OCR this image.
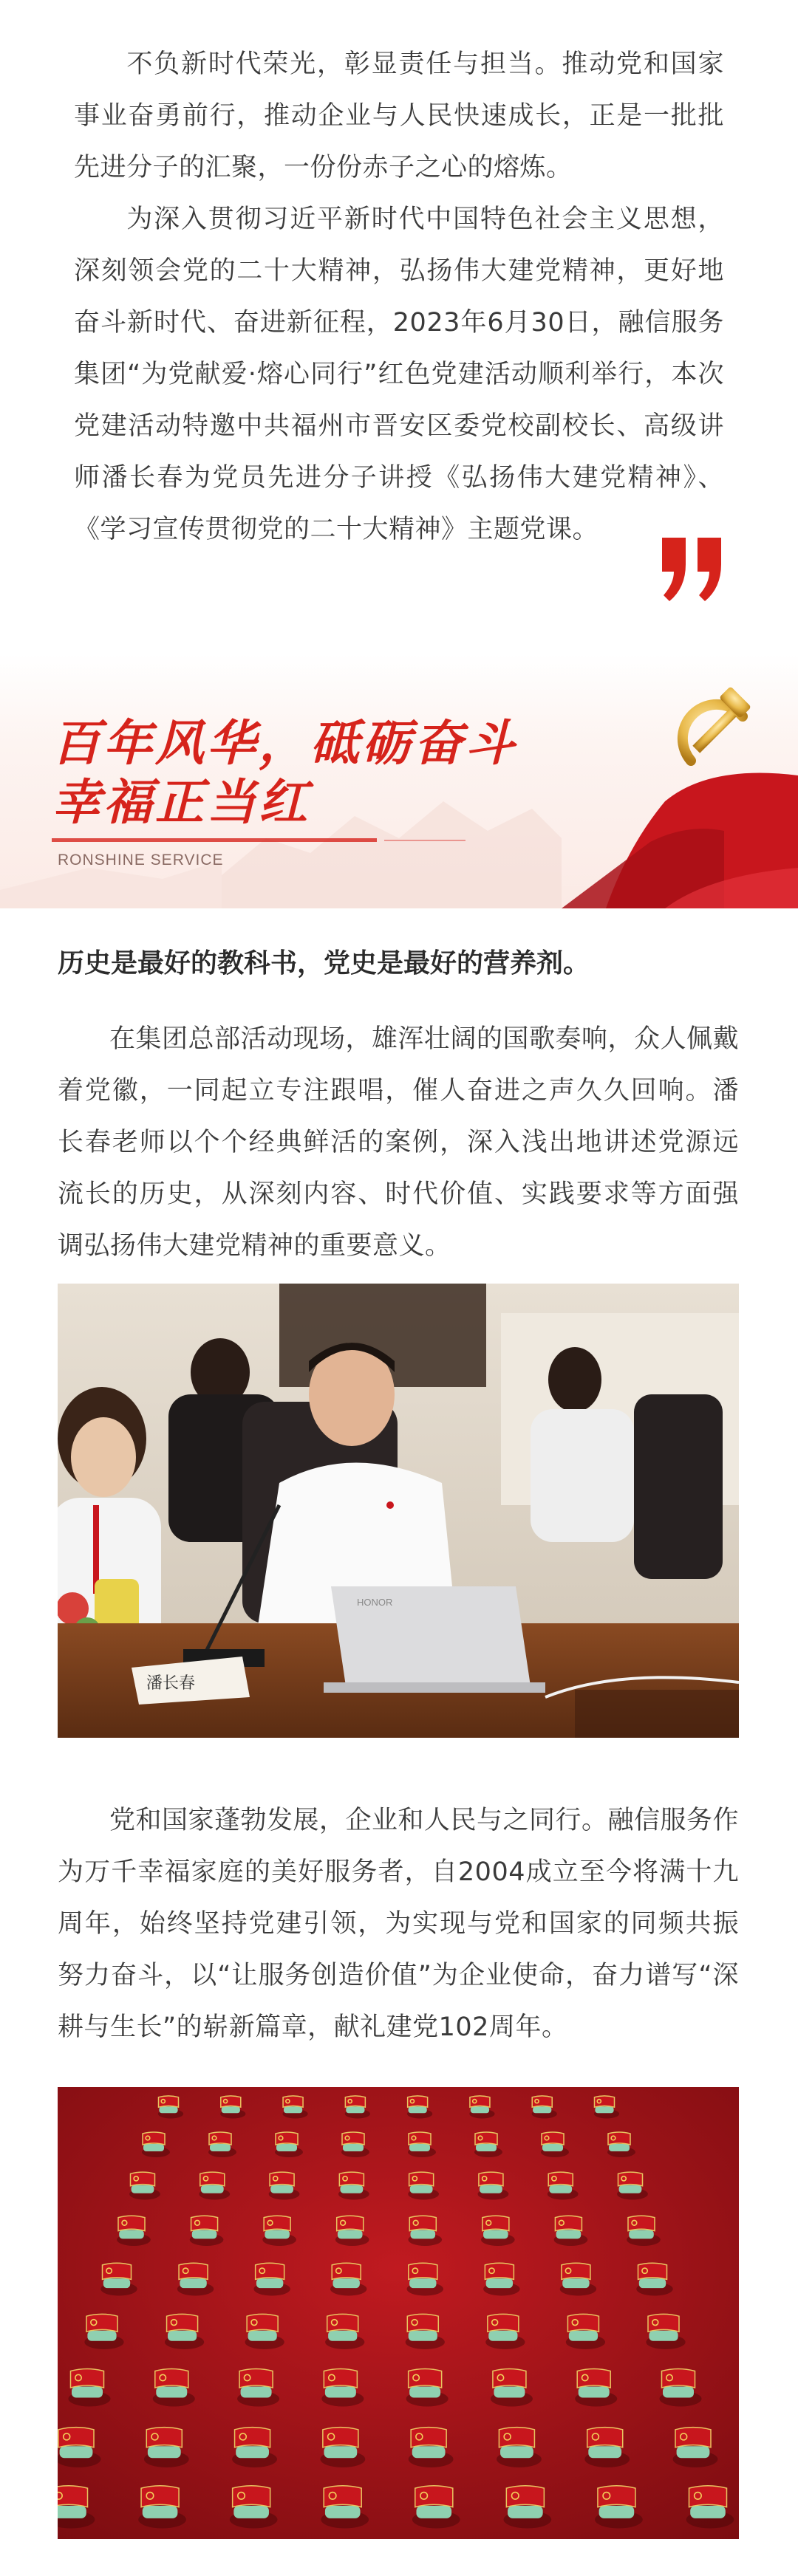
不负新时代荣光，彰显责任与担当。推动党和国家事业奋勇前行，推动企业与人民快速成长，正是一批批先进分子的汇聚，一份份赤子之心的熔炼。

为深入贯彻习近平新时代中国特色社会主义思想，深刻领会党的二十大精神，弘扬伟大建党精神，更好地奋斗新时代、奋进新征程，2023年6月30日，融信服务集团“为党献爱·熔心同行”红色党建活动顺利举行，本次党建活动特邀中共福州市晋安区委党校副校长、高级讲师潘长春为党员先进分子讲授《弘扬伟大建党精神》、《学习宣传贯彻党的二十大精神》主题党课。

百年风华，砥砺奋斗
幸福正当红
RONSHINE SERVICE

历史是最好的教科书，党史是最好的营养剂。

在集团总部活动现场，雄浑壮阔的国歌奏响，众人佩戴着党徽，一同起立专注跟唱，催人奋进之声久久回响。潘长春老师以个个经典鲜活的案例，深入浅出地讲述党源远流长的历史，从深刻内容、时代价值、实践要求等方面强调弘扬伟大建党精神的重要意义。

HONOR
潘长春

党和国家蓬勃发展，企业和人民与之同行。融信服务作为万千幸福家庭的美好服务者，自2004成立至今将满十九周年，始终坚持党建引领，为实现与党和国家的同频共振努力奋斗，以“让服务创造价值”为企业使命，奋力谱写“深耕与生长”的崭新篇章，献礼建党102周年。
